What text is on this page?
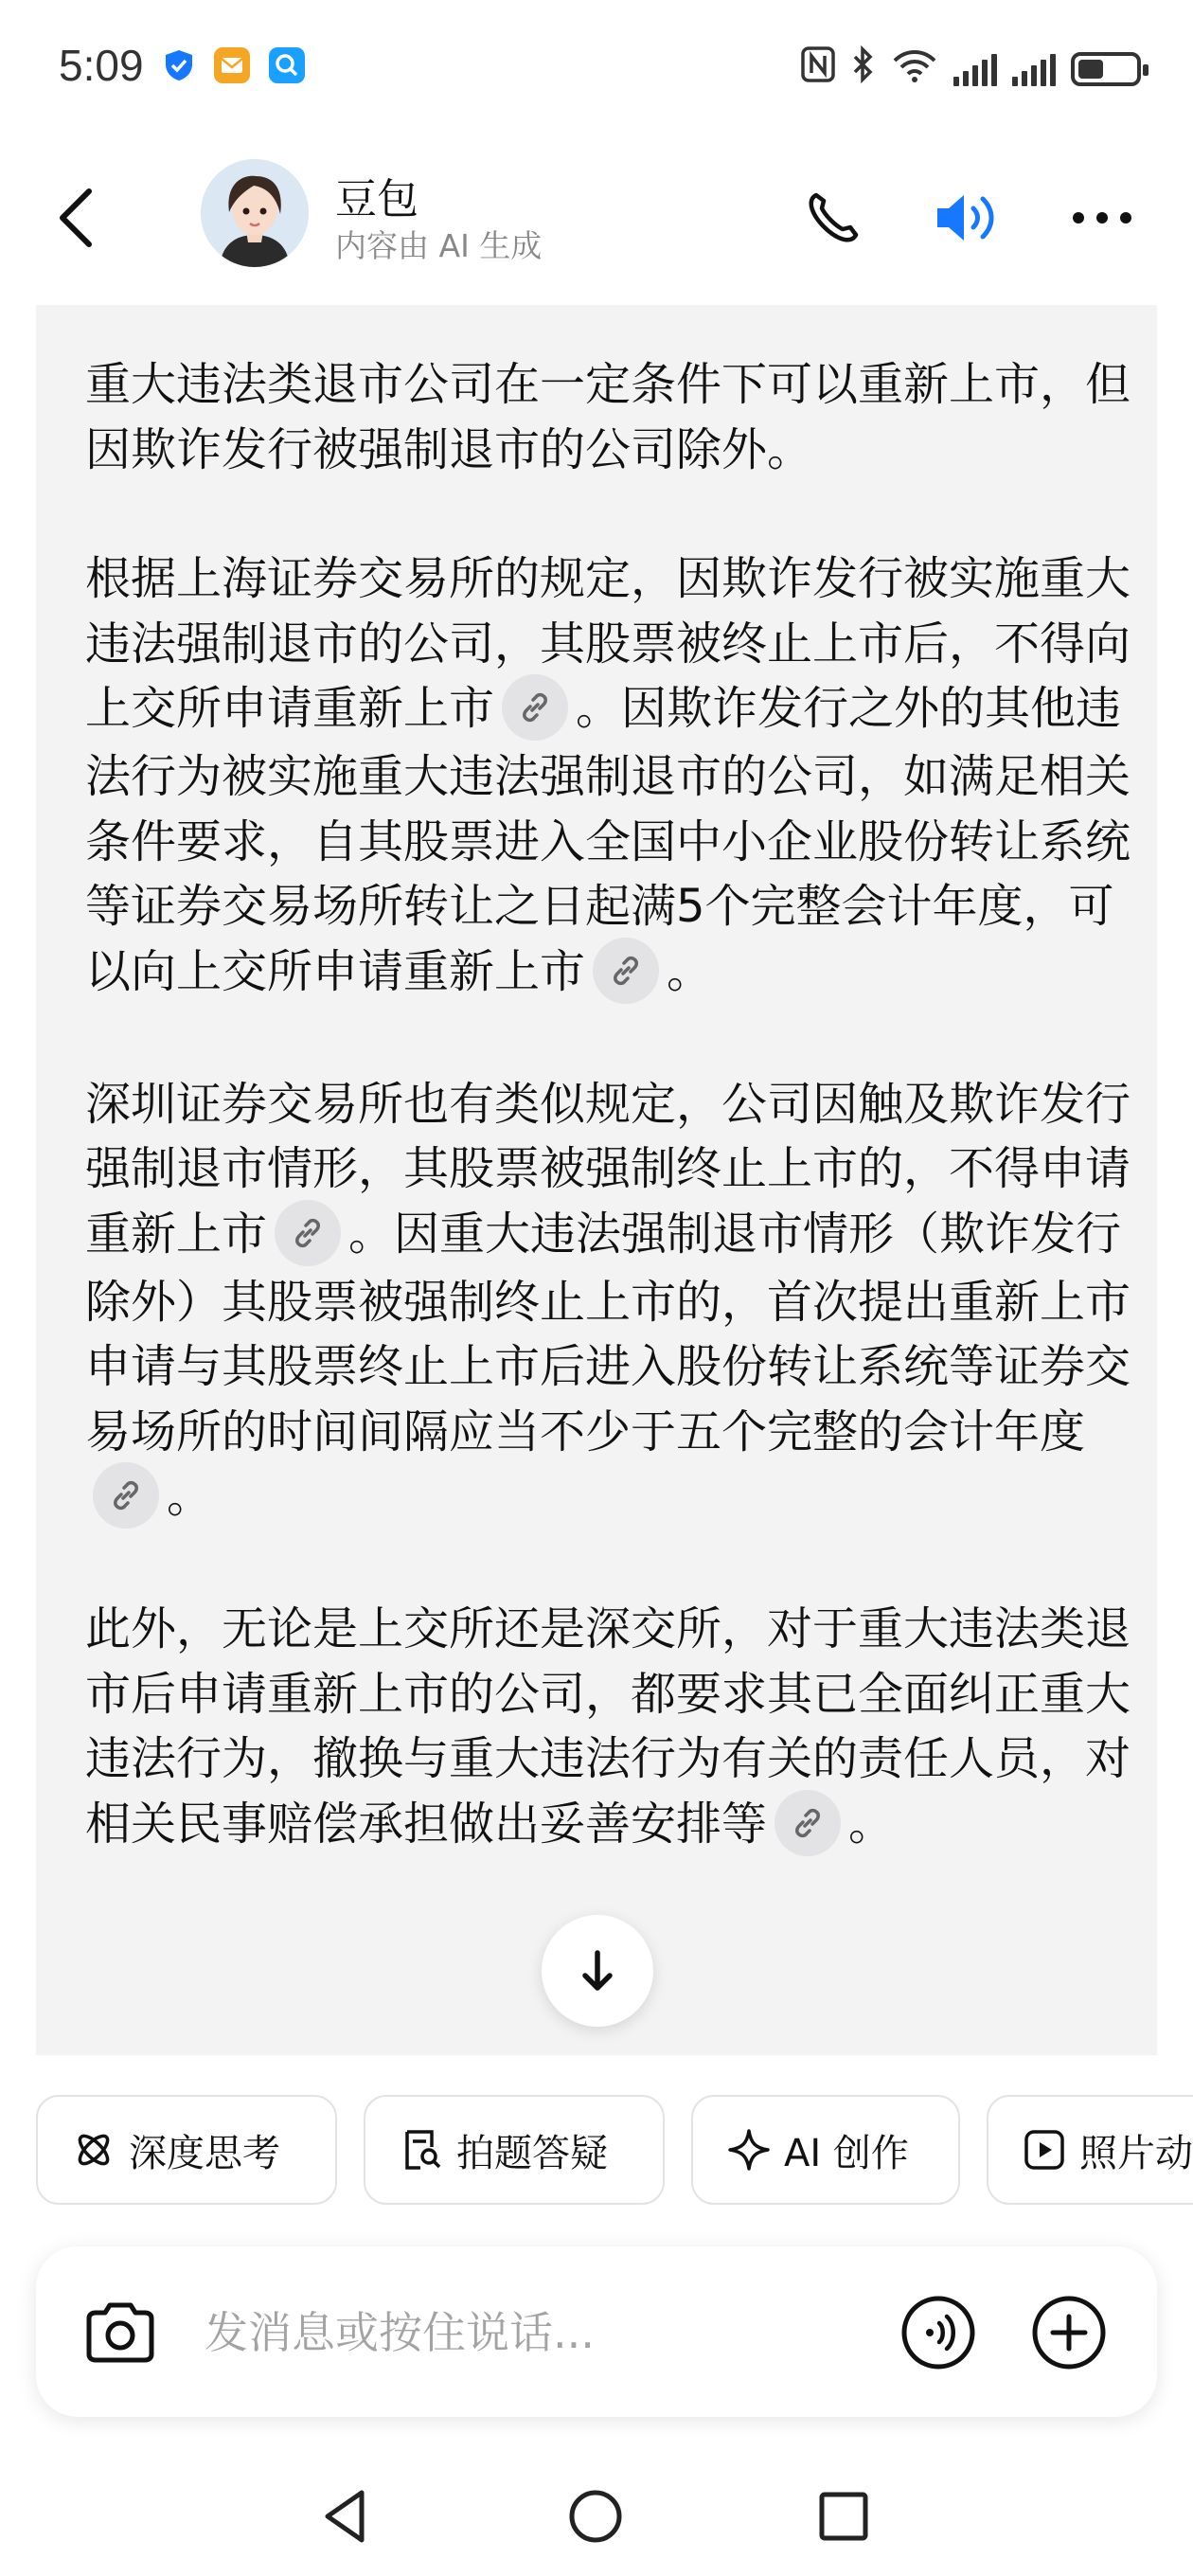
5:09
豆包
内容由 AI 生成

重大违法类退市公司在一定条件下可以重新上市，但因欺诈发行被强制退市的公司除外。

根据上海证券交易所的规定，因欺诈发行被实施重大违法强制退市的公司，其股票被终止上市后，不得向上交所申请重新上市 。因欺诈发行之外的其他违法行为被实施重大违法强制退市的公司，如满足相关条件要求，自其股票进入全国中小企业股份转让系统等证券交易场所转让之日起满5个完整会计年度，可以向上交所申请重新上市 。

深圳证券交易所也有类似规定，公司因触及欺诈发行强制退市情形，其股票被强制终止上市的，不得申请重新上市 。因重大违法强制退市情形（欺诈发行除外）其股票被强制终止上市的，首次提出重新上市申请与其股票终止上市后进入股份转让系统等证券交易场所的时间间隔应当不少于五个完整的会计年度
。

此外，无论是上交所还是深交所，对于重大违法类退市后申请重新上市的公司，都要求其已全面纠正重大违法行为，撤换与重大违法行为有关的责任人员，对相关民事赔偿承担做出妥善安排等 。

深度思考	拍题答疑	AI 创作	照片动
发消息或按住说话...
